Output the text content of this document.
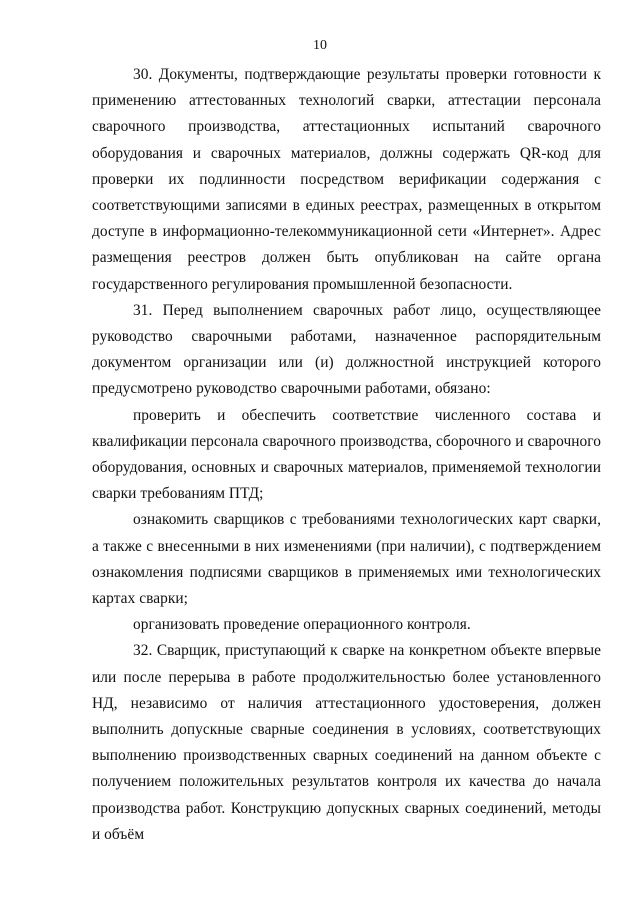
10

30. Документы, подтверждающие результаты проверки готовности к применению аттестованных технологий сварки, аттестации персонала сварочного производства, аттестационных испытаний сварочного оборудования и сварочных материалов, должны содержать QR-код для проверки их подлинности посредством верификации содержания с соответствующими записями в единых реестрах, размещенных в открытом доступе в информационно-телекоммуникационной сети «Интернет». Адрес размещения реестров должен быть опубликован на сайте органа государственного регулирования промышленной безопасности.

31. Перед выполнением сварочных работ лицо, осуществляющее руководство сварочными работами, назначенное распорядительным документом организации или (и) должностной инструкцией которого предусмотрено руководство сварочными работами, обязано:

проверить и обеспечить соответствие численного состава и квалификации персонала сварочного производства, сборочного и сварочного оборудования, основных и сварочных материалов, применяемой технологии сварки требованиям ПТД;

ознакомить сварщиков с требованиями технологических карт сварки, а также с внесенными в них изменениями (при наличии), с подтверждением ознакомления подписями сварщиков в применяемых ими технологических картах сварки;

организовать проведение операционного контроля.

32. Сварщик, приступающий к сварке на конкретном объекте впервые или после перерыва в работе продолжительностью более установленного НД, независимо от наличия аттестационного удостоверения, должен выполнить допускные сварные соединения в условиях, соответствующих выполнению производственных сварных соединений на данном объекте с получением положительных результатов контроля их качества до начала производства работ. Конструкцию допускных сварных соединений, методы и объём
